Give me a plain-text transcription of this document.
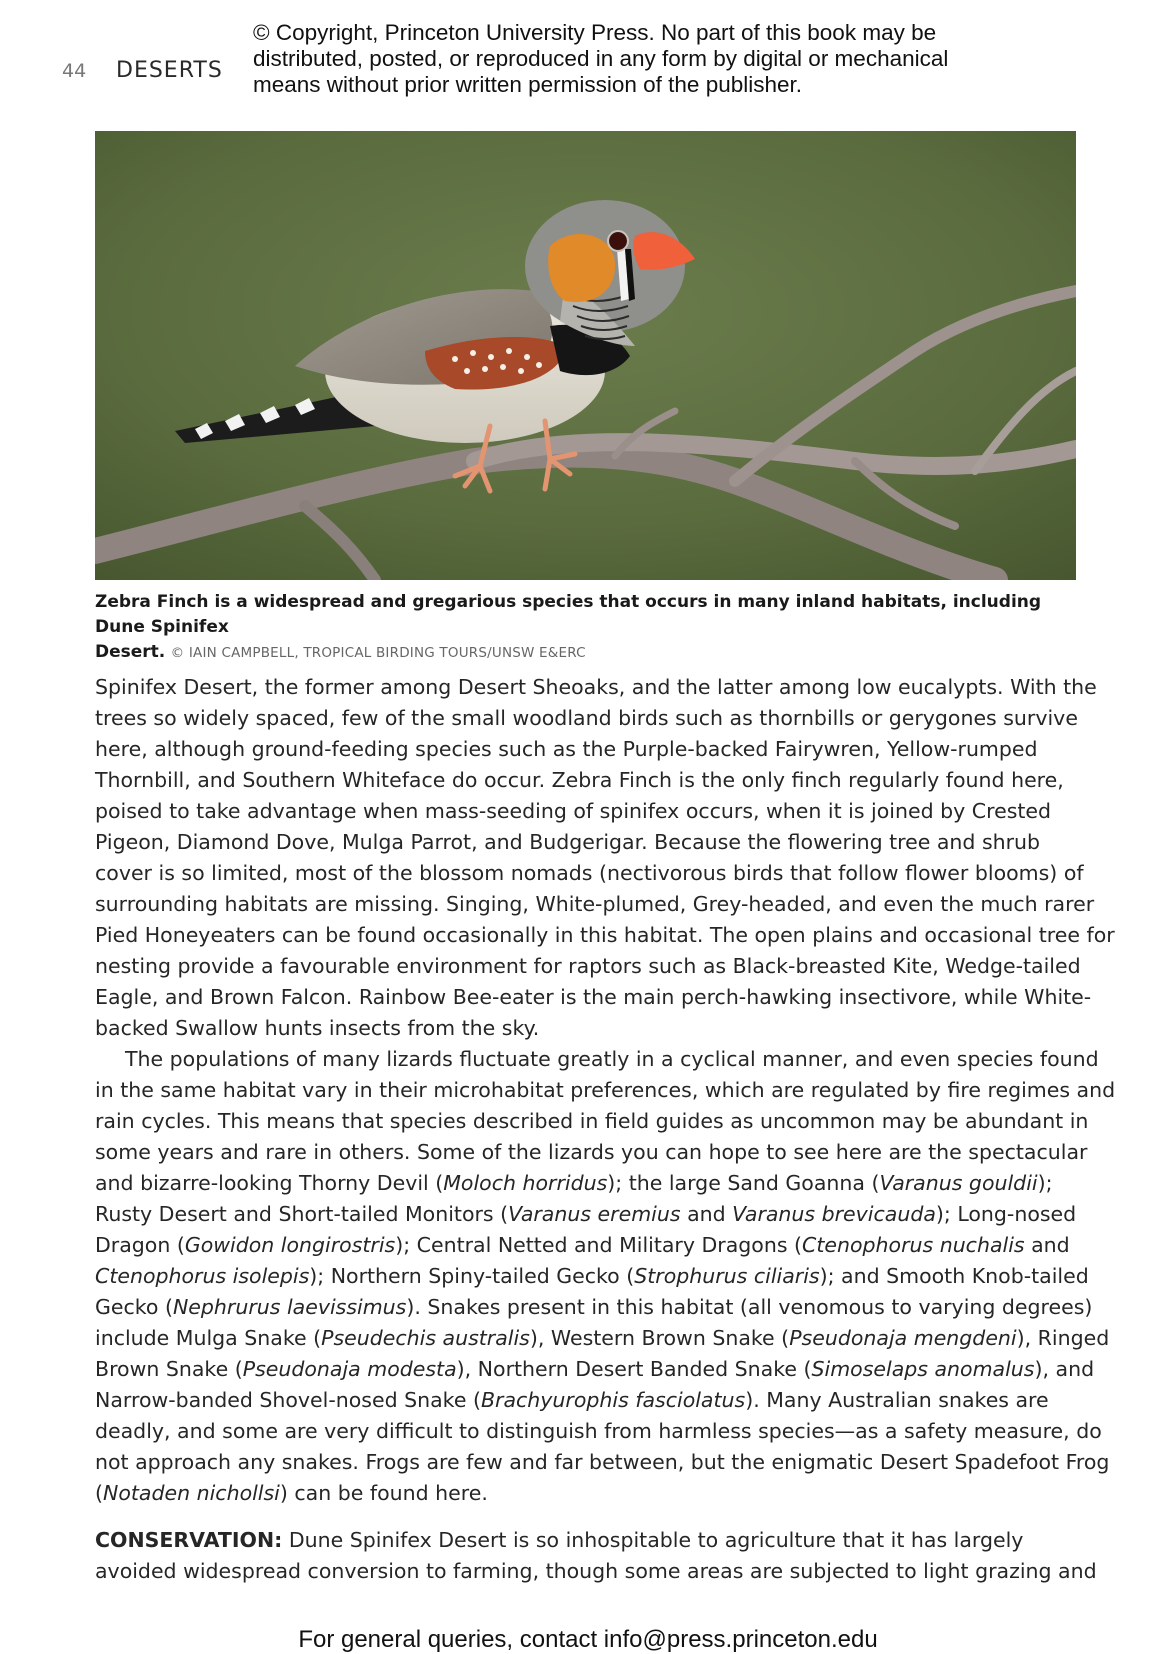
44 DESERTS
© Copyright, Princeton University Press. No part of this book may be
distributed, posted, or reproduced in any form by digital or mechanical
means without prior written permission of the publisher.
Zebra Finch is a widespread and gregarious species that occurs in many inland habitats, including Dune Spinifex
Desert. © IAIN CAMPBELL, TROPICAL BIRDING TOURS/UNSW E&ERC
Spinifex Desert, the former among Desert Sheoaks, and the latter among low eucalypts. With the
trees so widely spaced, few of the small woodland birds such as thornbills or gerygones survive
here, although ground-feeding species such as the Purple-backed Fairywren, Yellow-rumped
Thornbill, and Southern Whiteface do occur. Zebra Finch is the only finch regularly found here,
poised to take advantage when mass-seeding of spinifex occurs, when it is joined by Crested
Pigeon, Diamond Dove, Mulga Parrot, and Budgerigar. Because the flowering tree and shrub
cover is so limited, most of the blossom nomads (nectivorous birds that follow flower blooms) of
surrounding habitats are missing. Singing, White-plumed, Grey-headed, and even the much rarer
Pied Honeyeaters can be found occasionally in this habitat. The open plains and occasional tree for
nesting provide a favourable environment for raptors such as Black-breasted Kite, Wedge-tailed
Eagle, and Brown Falcon. Rainbow Bee-eater is the main perch-hawking insectivore, while White-
backed Swallow hunts insects from the sky.
The populations of many lizards fluctuate greatly in a cyclical manner, and even species found
in the same habitat vary in their microhabitat preferences, which are regulated by fire regimes and
rain cycles. This means that species described in field guides as uncommon may be abundant in
some years and rare in others. Some of the lizards you can hope to see here are the spectacular
and bizarre-looking Thorny Devil (Moloch horridus); the large Sand Goanna (Varanus gouldii);
Rusty Desert and Short-tailed Monitors (Varanus eremius and Varanus brevicauda); Long-nosed
Dragon (Gowidon longirostris); Central Netted and Military Dragons (Ctenophorus nuchalis and
Ctenophorus isolepis); Northern Spiny-tailed Gecko (Strophurus ciliaris); and Smooth Knob-tailed
Gecko (Nephrurus laevissimus). Snakes present in this habitat (all venomous to varying degrees)
include Mulga Snake (Pseudechis australis), Western Brown Snake (Pseudonaja mengdeni), Ringed
Brown Snake (Pseudonaja modesta), Northern Desert Banded Snake (Simoselaps anomalus), and
Narrow-banded Shovel-nosed Snake (Brachyurophis fasciolatus). Many Australian snakes are
deadly, and some are very difficult to distinguish from harmless species—as a safety measure, do
not approach any snakes. Frogs are few and far between, but the enigmatic Desert Spadefoot Frog
(Notaden nichollsi) can be found here.
CONSERVATION: Dune Spinifex Desert is so inhospitable to agriculture that it has largely
avoided widespread conversion to farming, though some areas are subjected to light grazing and
For general queries, contact info@press.princeton.edu
